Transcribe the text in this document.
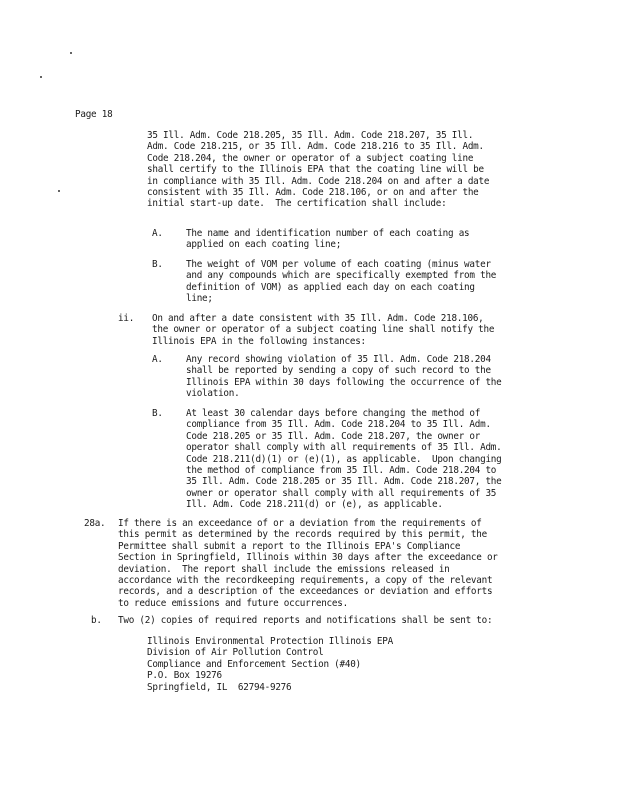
Page 18
35 Ill. Adm. Code 218.205, 35 Ill. Adm. Code 218.207, 35 Ill.
Adm. Code 218.215, or 35 Ill. Adm. Code 218.216 to 35 Ill. Adm.
Code 218.204, the owner or operator of a subject coating line
shall certify to the Illinois EPA that the coating line will be
in compliance with 35 Ill. Adm. Code 218.204 on and after a date
consistent with 35 Ill. Adm. Code 218.106, or on and after the
initial start-up date.  The certification shall include:
A.	The name and identification number of each coating as
applied on each coating line;
B.	The weight of VOM per volume of each coating (minus water
and any compounds which are specifically exempted from the
definition of VOM) as applied each day on each coating
line;
ii. On and after a date consistent with 35 Ill. Adm. Code 218.106,
the owner or operator of a subject coating line shall notify the
Illinois EPA in the following instances:
A.	Any record showing violation of 35 Ill. Adm. Code 218.204
shall be reported by sending a copy of such record to the
Illinois EPA within 30 days following the occurrence of the
violation.
B.	At least 30 calendar days before changing the method of
compliance from 35 Ill. Adm. Code 218.204 to 35 Ill. Adm.
Code 218.205 or 35 Ill. Adm. Code 218.207, the owner or
operator shall comply with all requirements of 35 Ill. Adm.
Code 218.211(d)(1) or (e)(1), as applicable.  Upon changing
the method of compliance from 35 Ill. Adm. Code 218.204 to
35 Ill. Adm. Code 218.205 or 35 Ill. Adm. Code 218.207, the
owner or operator shall comply with all requirements of 35
Ill. Adm. Code 218.211(d) or (e), as applicable.
28a. If there is an exceedance of or a deviation from the requirements of
this permit as determined by the records required by this permit, the
Permittee shall submit a report to the Illinois EPA's Compliance
Section in Springfield, Illinois within 30 days after the exceedance or
deviation.  The report shall include the emissions released in
accordance with the recordkeeping requirements, a copy of the relevant
records, and a description of the exceedances or deviation and efforts
to reduce emissions and future occurrences.
b. Two (2) copies of required reports and notifications shall be sent to:
Illinois Environmental Protection Illinois EPA
Division of Air Pollution Control
Compliance and Enforcement Section (#40)
P.O. Box 19276
Springfield, IL  62794-9276
